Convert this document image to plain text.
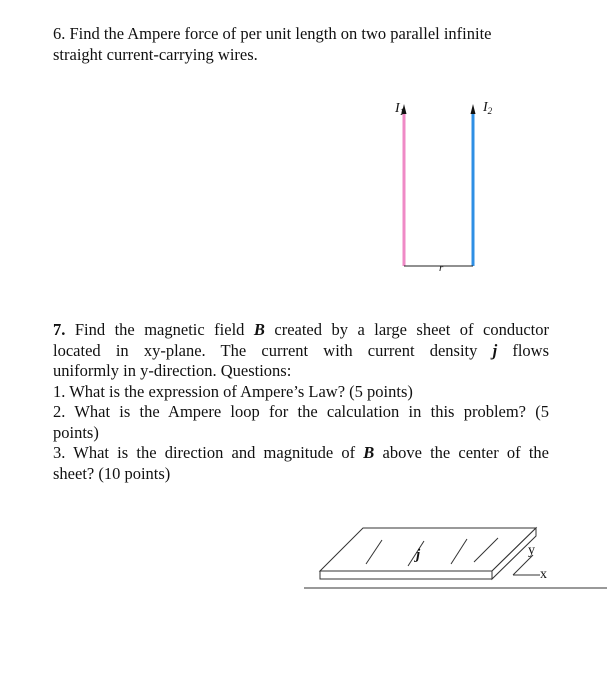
6. Find the Ampere force of per unit length on two parallel infinite
straight current-carrying wires.
$I_1$	$I_2$
r
7. Find the magnetic field B created by a large sheet of conductor
located in xy-plane. The current with current density j flows
uniformly in y-direction. Questions:
1. What is the expression of Ampere’s Law? (5 points)
2. What is the Ampere loop for the calculation in this problem? (5
points)
3. What is the direction and magnitude of B above the center of the
sheet? (10 points)
j	y
x
